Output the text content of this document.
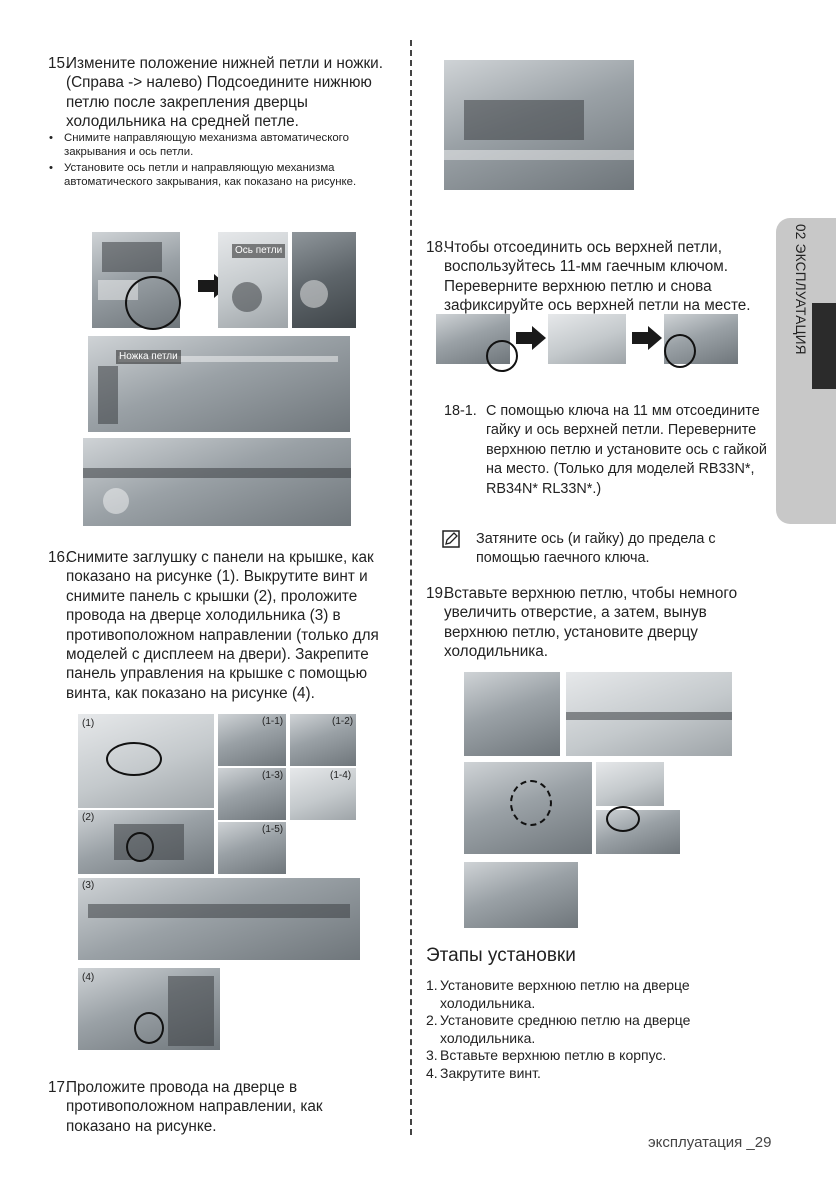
02 ЭКСПЛУАТАЦИЯ
15.
Измените положение нижней петли и ножки. (Справа -> налево) Подсоедините нижнюю петлю после закрепления дверцы холодильника на средней петле.
• Снимите направляющую механизма автоматического закрывания и ось петли.
• Установите ось петли и направляющую механизма автоматического закрывания, как показано на рисунке.
Ось петли
Ножка петли
16.
Снимите заглушку с панели на крышке, как показано на рисунке (1). Выкрутите винт и снимите панель с крышки (2), проложите провода на дверце холодильника (3) в противоположном направлении (только для моделей с дисплеем на двери). Закрепите панель управления на крышке с помощью винта, как показано на рисунке (4).
(1)	(1-1)	(1-2)
(1-3)	(1-4)
(2)
(1-5)
(3)
(4)
17.
Проложите провода на дверце в противоположном направлении, как показано на рисунке.
18.
Чтобы отсоединить ось верхней петли, воспользуйтесь 11-мм гаечным ключом. Переверните верхнюю петлю и снова зафиксируйте ось верхней петли на месте.
18-1. С помощью ключа на 11 мм отсоедините гайку и ось верхней петли. Переверните верхнюю петлю и установите ось с гайкой на место. (Только для моделей RB33N*, RB34N* RL33N*.)
Затяните ось (и гайку) до предела с помощью гаечного ключа.
19.
Вставьте верхнюю петлю, чтобы немного увеличить отверстие, а затем, вынув верхнюю петлю, установите дверцу холодильника.
Этапы установки
1. Установите верхнюю петлю на дверце холодильника.
2. Установите среднюю петлю на дверце холодильника.
3. Вставьте верхнюю петлю в корпус.
4. Закрутите винт.
эксплуатация _29
